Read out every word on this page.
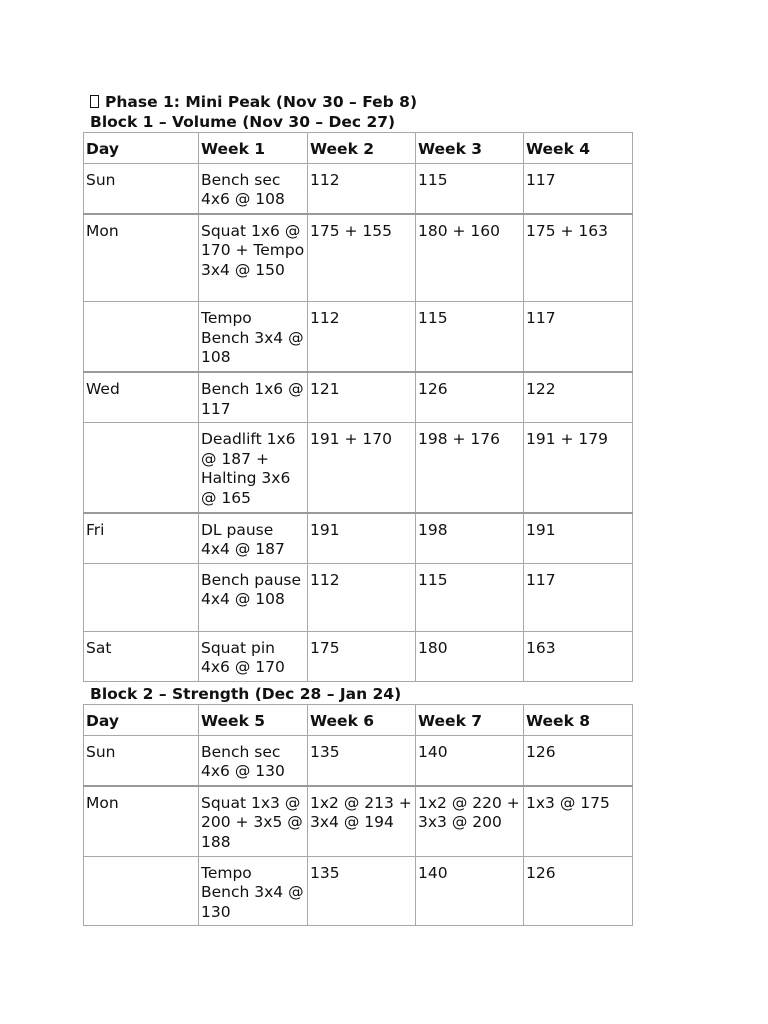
Phase 1: Mini Peak (Nov 30 – Feb 8)
Block 1 – Volume (Nov 30 – Dec 27)
Day	Week 1	Week 2	Week 3	Week 4
Sun	Bench sec 4x6 @ 108	112	115	117
Mon	Squat 1x6 @ 170 + Tempo 3x4 @ 150	175 + 155	180 + 160	175 + 163
	Tempo Bench 3x4 @ 108	112	115	117
Wed	Bench 1x6 @ 117	121	126	122
	Deadlift 1x6 @ 187 + Halting 3x6 @ 165	191 + 170	198 + 176	191 + 179
Fri	DL pause 4x4 @ 187	191	198	191
	Bench pause 4x4 @ 108	112	115	117
Sat	Squat pin 4x6 @ 170	175	180	163
Block 2 – Strength (Dec 28 – Jan 24)
Day	Week 5	Week 6	Week 7	Week 8
Sun	Bench sec 4x6 @ 130	135	140	126
Mon	Squat 1x3 @ 200 + 3x5 @ 188	1x2 @ 213 + 3x4 @ 194	1x2 @ 220 + 3x3 @ 200	1x3 @ 175
	Tempo Bench 3x4 @ 130	135	140	126
